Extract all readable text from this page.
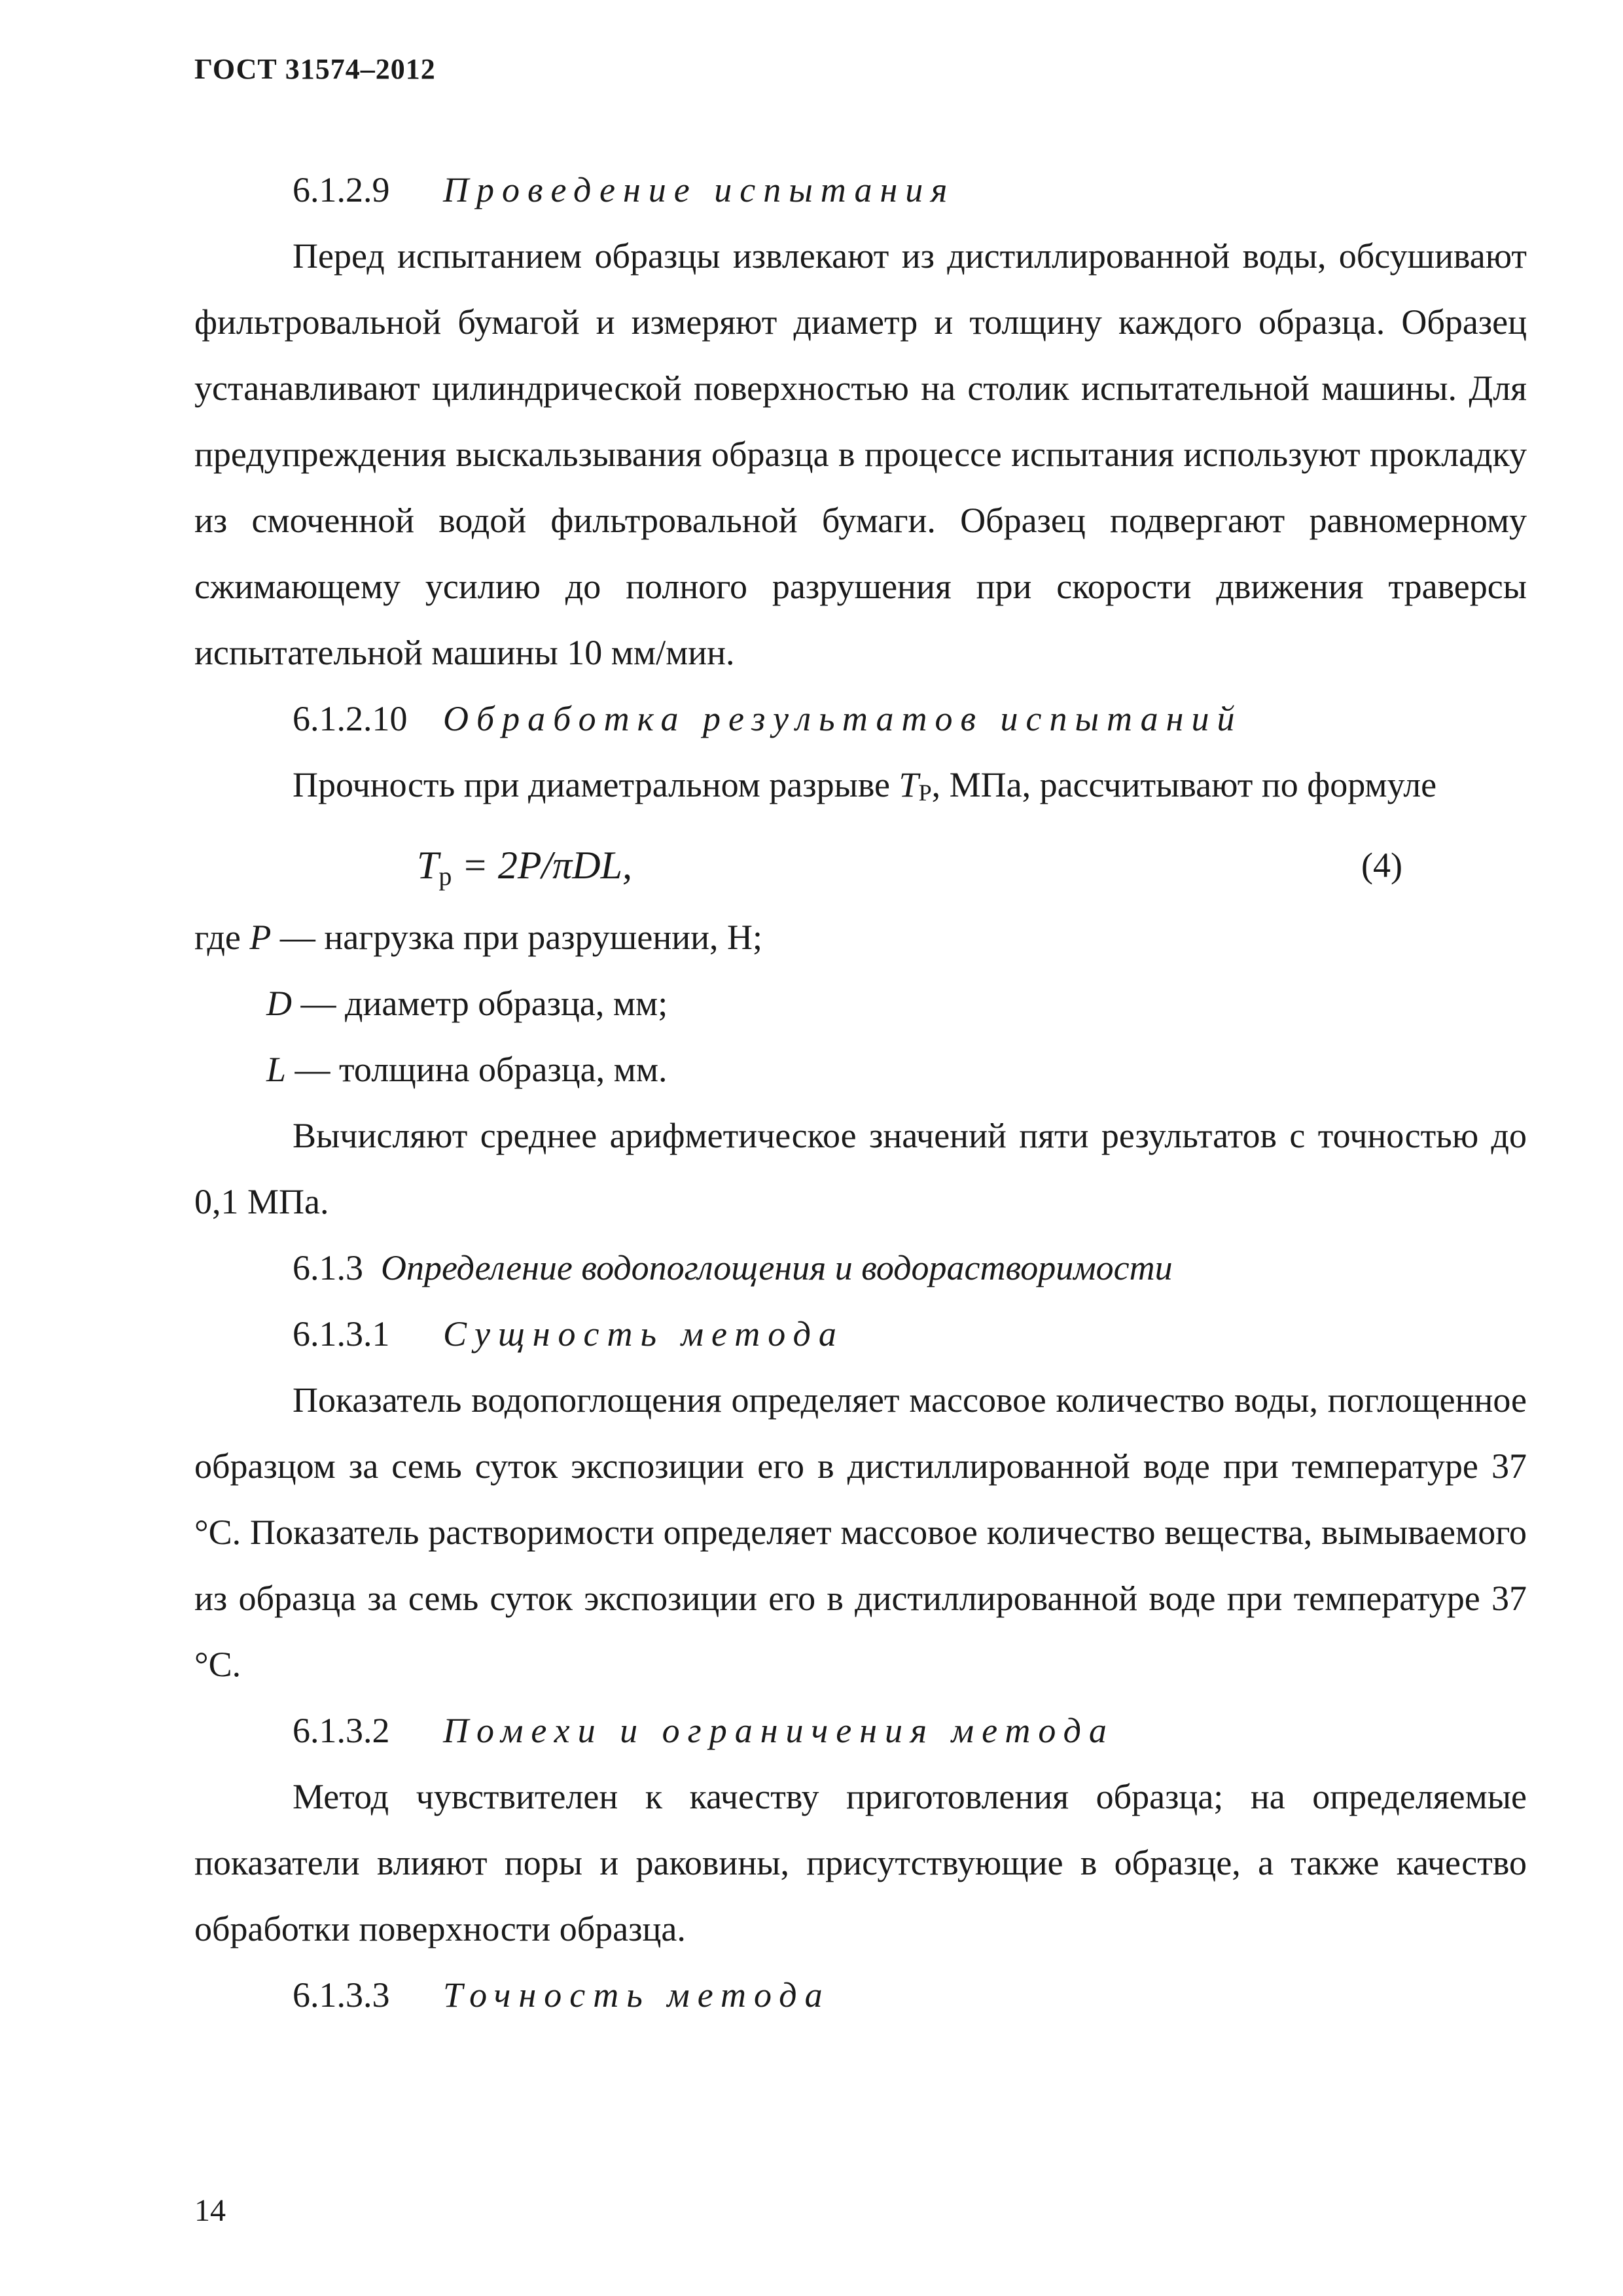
ГОСТ 31574–2012
6.1.2.9 Проведение испытания

Перед испытанием образцы извлекают из дистиллированной воды, обсушивают фильтровальной бумагой и измеряют диаметр и толщину каждого образца. Образец устанавливают цилиндрической поверхностью на столик испытательной машины. Для предупреждения выскальзывания образца в процессе испытания используют прокладку из смоченной водой фильтровальной бумаги. Образец подвергают равномерному сжимающему усилию до полного разрушения при скорости движения траверсы испытательной машины 10 мм/мин.

6.1.2.10 Обработка результатов испытаний

Прочность при диаметральном разрыве TP, МПа, рассчитывают по формуле

$T_p = 2P/\pi DL$,	(4)

где P — нагрузка при разрушении, Н;

D — диаметр образца, мм;

L — толщина образца, мм.

Вычисляют среднее арифметическое значений пяти результатов с точностью до 0,1 МПа.

6.1.3 Определение водопоглощения и водорастворимости
6.1.3.1 Сущность метода

Показатель водопоглощения определяет массовое количество воды, поглощенное образцом за семь суток экспозиции его в дистиллированной воде при температуре 37 °С. Показатель растворимости определяет массовое количество вещества, вымываемого из образца за семь суток экспозиции его в дистиллированной воде при температуре 37 °С.

6.1.3.2 Помехи и ограничения метода

Метод чувствителен к качеству приготовления образца; на определяемые показатели влияют поры и раковины, присутствующие в образце, а также качество обработки поверхности образца.

6.1.3.3 Точность метода
14
